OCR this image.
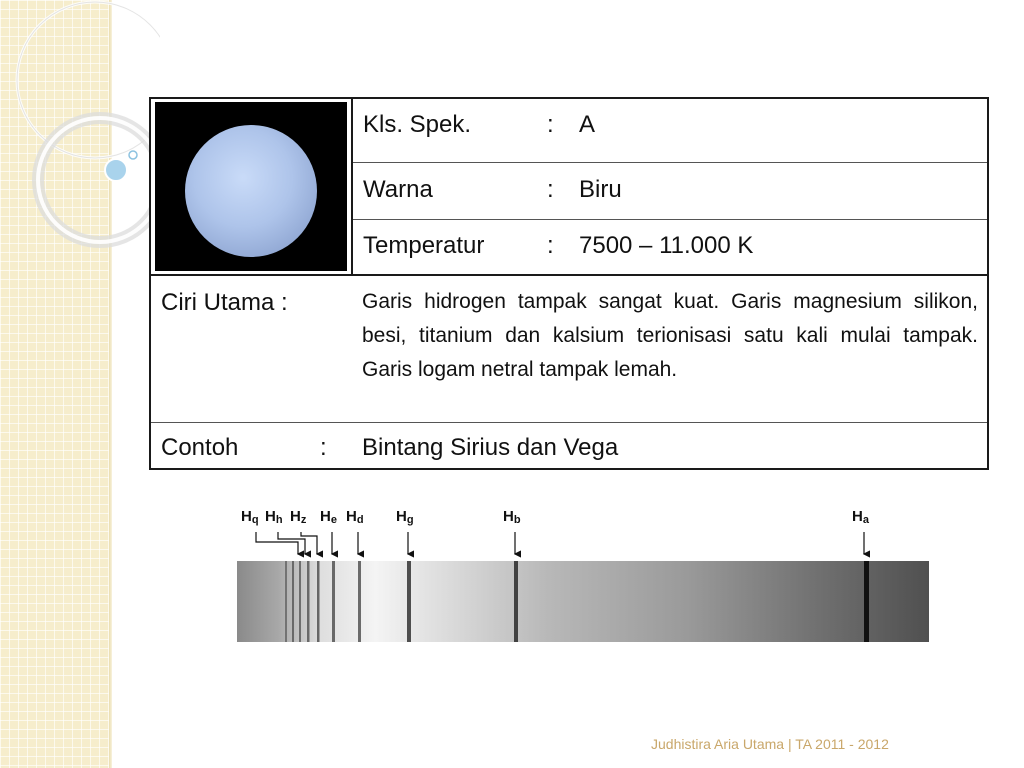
Kls. Spek.	: A
Warna	: Biru
Temperatur	: 7500 – 11.000 K
Ciri Utama :	Garis hidrogen tampak sangat kuat. Garis magnesium silikon, besi, titanium dan kalsium terionisasi satu kali mulai tampak. Garis logam netral tampak lemah.
Contoh	: Bintang Sirius dan Vega
$H_q$ $H_h$ $H_z$ $H_e$ $H_d$ $H_g$	$H_b$	$H_a$
Judhistira Aria Utama | TA 2011 - 2012
